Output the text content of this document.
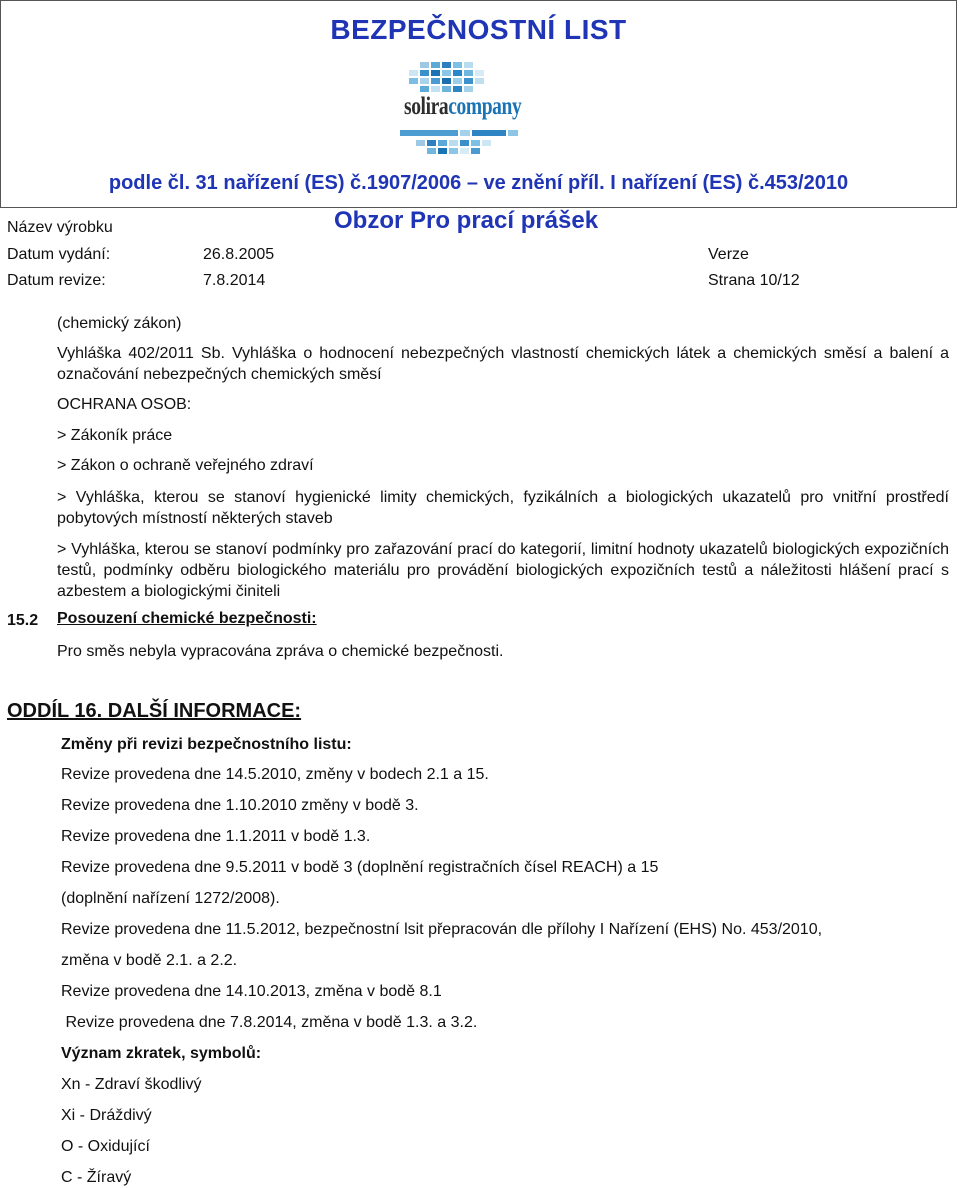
BEZPEČNOSTNÍ LIST
soliracompany
podle čl. 31 nařízení (ES) č.1907/2006 – ve znění příl. I nařízení (ES) č.453/2010
Název výrobku	Obzor Pro prací prášek
Datum vydání:	26.8.2005	Verze
Datum revize:	7.8.2014	Strana 10/12
(chemický zákon)
Vyhláška 402/2011 Sb. Vyhláška o hodnocení nebezpečných vlastností chemických látek a chemických směsí a balení a označování nebezpečných chemických směsí
OCHRANA OSOB:
> Zákoník práce
> Zákon o ochraně veřejného zdraví
> Vyhláška, kterou se stanoví hygienické limity chemických, fyzikálních a biologických ukazatelů pro vnitřní prostředí pobytových místností některých staveb
> Vyhláška, kterou se stanoví podmínky pro zařazování prací do kategorií, limitní hodnoty ukazatelů biologických expozičních testů, podmínky odběru biologického materiálu pro provádění biologických expozičních testů a náležitosti hlášení prací s azbestem a biologickými činiteli
15.2 Posouzení chemické bezpečnosti:
Pro směs nebyla vypracována zpráva o chemické bezpečnosti.
ODDÍL 16. DALŠÍ INFORMACE:
Změny při revizi bezpečnostního listu:
Revize provedena dne 14.5.2010, změny v bodech 2.1 a 15.
Revize provedena dne 1.10.2010 změny v bodě 3.
Revize provedena dne 1.1.2011 v bodě 1.3.
Revize provedena dne 9.5.2011 v bodě 3 (doplnění registračních čísel REACH) a 15
(doplnění nařízení 1272/2008).
Revize provedena dne 11.5.2012, bezpečnostní lsit přepracován dle přílohy I Nařízení (EHS) No. 453/2010,
změna v bodě 2.1. a 2.2.
Revize provedena dne 14.10.2013, změna v bodě 8.1
Revize provedena dne 7.8.2014, změna v bodě 1.3. a 3.2.
Význam zkratek, symbolů:
Xn - Zdraví škodlivý
Xi - Dráždivý
O - Oxidující
C - Žíravý
